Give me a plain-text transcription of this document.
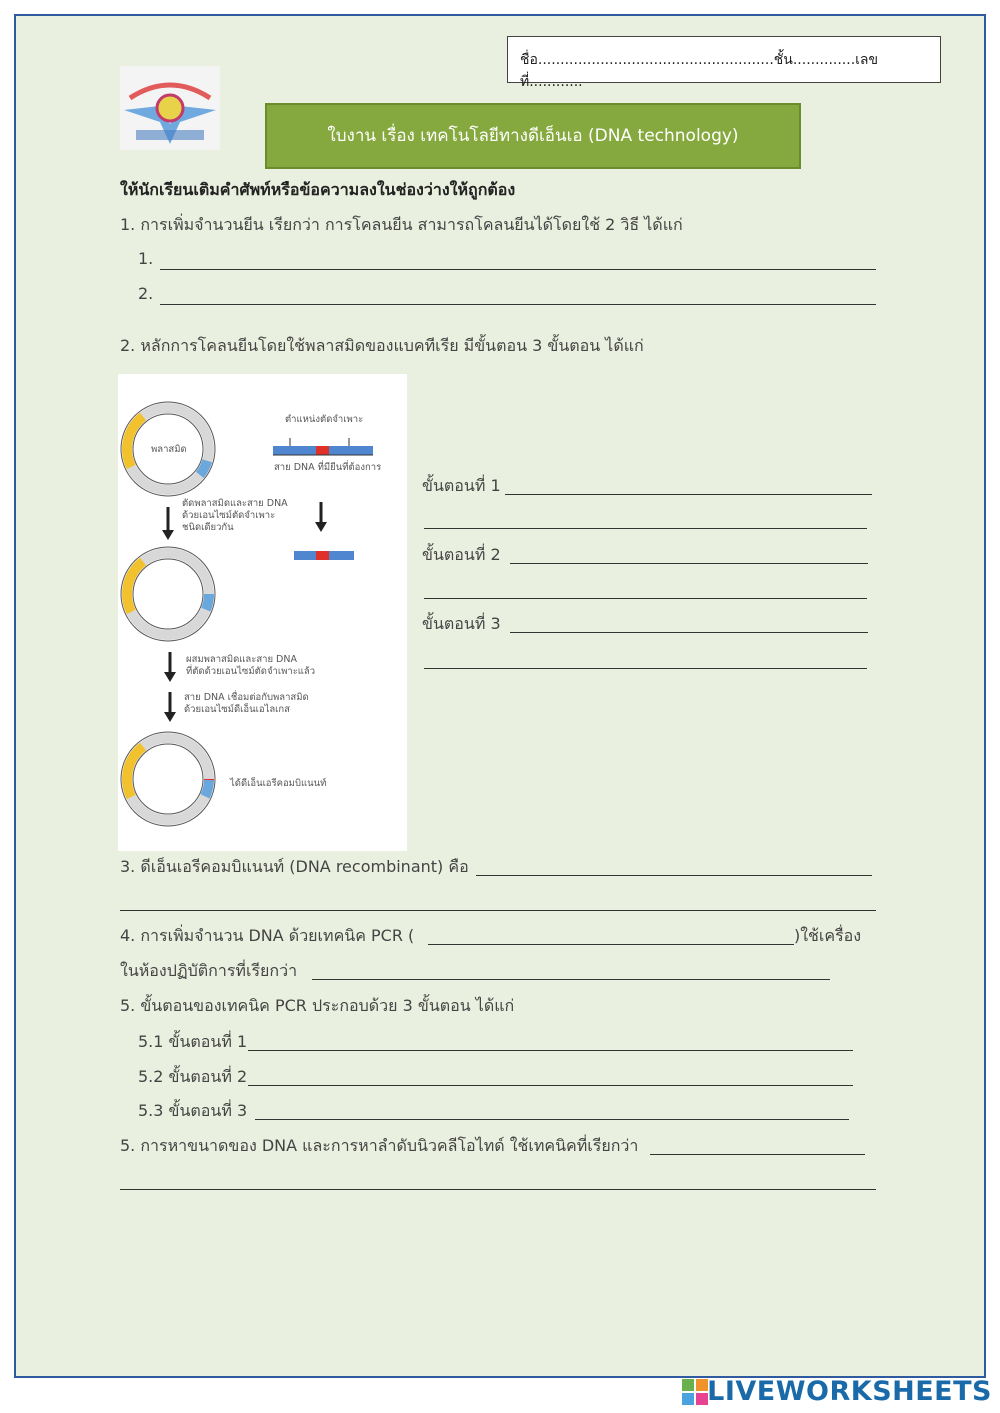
ชื่อ.....................................................ชั้น..............เลขที่............
ใบงาน เรื่อง เทคโนโลยีทางดีเอ็นเอ (DNA technology)
ให้นักเรียนเติมคำศัพท์หรือข้อความลงในช่องว่างให้ถูกต้อง
1. การเพิ่มจำนวนยีน เรียกว่า การโคลนยีน สามารถโคลนยีนได้โดยใช้ 2 วิธี ได้แก่
1.
2.
2. หลักการโคลนยีนโดยใช้พลาสมิดของแบคทีเรีย มีขั้นตอน 3 ขั้นตอน ได้แก่
พลาสมิด
ตำแหน่งตัดจำเพาะ
สาย DNA ที่มียีนที่ต้องการ
ตัดพลาสมิดและสาย DNA
ด้วยเอนไซม์ตัดจำเพาะ
ชนิดเดียวกัน
ผสมพลาสมิดและสาย DNA
ที่ตัดด้วยเอนไซม์ตัดจำเพาะแล้ว
สาย DNA เชื่อมต่อกับพลาสมิด
ด้วยเอนไซม์ดีเอ็นเอไลเกส
ได้ดีเอ็นเอรีคอมบิแนนท์
ขั้นตอนที่ 1
ขั้นตอนที่ 2
ขั้นตอนที่ 3
3. ดีเอ็นเอรีคอมบิแนนท์ (DNA recombinant) คือ
4. การเพิ่มจำนวน DNA ด้วยเทคนิค PCR (	)ใช้เครื่อง
ในห้องปฏิบัติการที่เรียกว่า
5. ขั้นตอนของเทคนิค PCR ประกอบด้วย 3 ขั้นตอน ได้แก่
5.1 ขั้นตอนที่ 1
5.2 ขั้นตอนที่ 2
5.3 ขั้นตอนที่ 3
5. การหาขนาดของ DNA และการหาลำดับนิวคลีโอไทด์ ใช้เทคนิคที่เรียกว่า
LIVEWORKSHEETS
